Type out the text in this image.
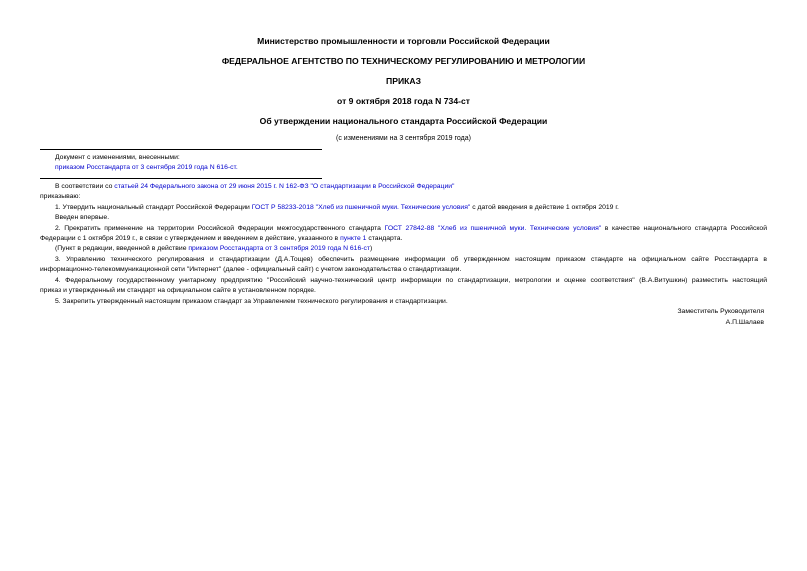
Министерство промышленности и торговли Российской Федерации
ФЕДЕРАЛЬНОЕ АГЕНТСТВО ПО ТЕХНИЧЕСКОМУ РЕГУЛИРОВАНИЮ И МЕТРОЛОГИИ
ПРИКАЗ
от 9 октября 2018 года N 734-ст
Об утверждении национального стандарта Российской Федерации
(с изменениями на 3 сентября 2019 года)
Документ с изменениями, внесенными:
приказом Росстандарта от 3 сентября 2019 года N 616-ст.
В соответствии со статьей 24 Федерального закона от 29 июня 2015 г. N 162-ФЗ "О стандартизации в Российской Федерации"
приказываю:
1. Утвердить национальный стандарт Российской Федерации ГОСТ Р 58233-2018 "Хлеб из пшеничной муки. Технические условия" с датой введения в действие 1 октября 2019 г.
Введен впервые.
2. Прекратить применение на территории Российской Федерации межгосударственного стандарта ГОСТ 27842-88 "Хлеб из пшеничной муки. Технические условия" в качестве национального стандарта Российской
Федерации с 1 октября 2019 г., в связи с утверждением и введением в действие, указанного в пункте 1 стандарта.
(Пункт в редакции, введенной в действие приказом Росстандарта от 3 сентября 2019 года N 616-ст)
3. Управлению технического регулирования и стандартизации (Д.А.Тощев) обеспечить размещение информации об утвержденном настоящим приказом стандарте на официальном сайте Росстандарта в
информационно-телекоммуникационной сети "Интернет" (далее - официальный сайт) с учетом законодательства о стандартизации.
4. Федеральному государственному унитарному предприятию "Российский научно-технический центр информации по стандартизации, метрологии и оценке соответствия" (В.А.Витушкин) разместить настоящий
приказ и утвержденный им стандарт на официальном сайте в установленном порядке.
5. Закрепить утвержденный настоящим приказом стандарт за Управлением технического регулирования и стандартизации.
Заместитель Руководителя
А.П.Шалаев
